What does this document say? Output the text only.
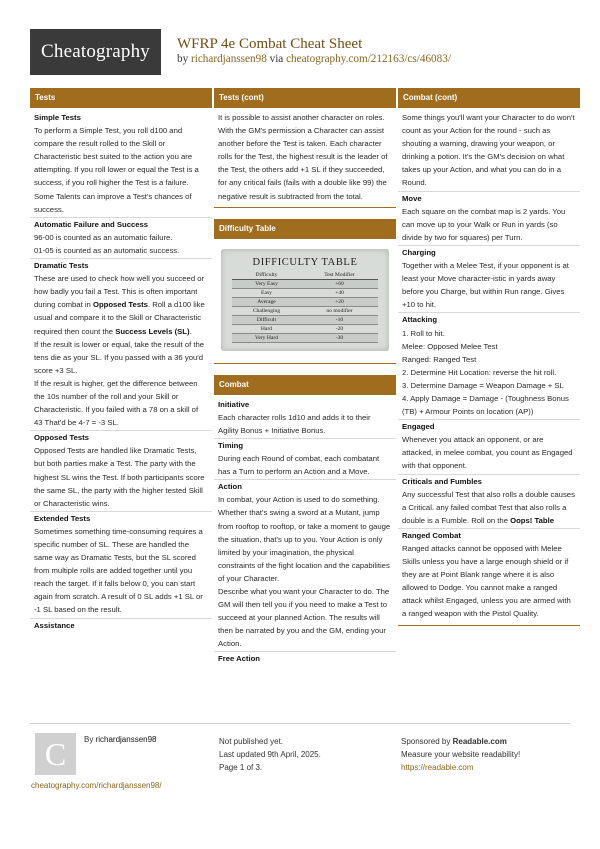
Cheatography	WFRP 4e Combat Cheat Sheet
by richardjanssen98 via cheatography.com/212163/cs/46083/
Tests

Simple Tests

To perform a Simple Test, you roll d100 and compare the result rolled to the Skill or Characteristic best suited to the action you are attempting. If you roll lower or equal the Test is a success, if you roll higher the Test is a failure.

Some Talents can improve a Test's chances of success.

Automatic Failure and Success

96-00 is counted as an automatic failure.

01-05 is counted as an automatic success.

Dramatic Tests

These are used to check how well you succeed or how badly you fail a Test. This is often important during combat in Opposed Tests. Roll a d100 like usual and compare it to the Skill or Characteristic required then count the Success Levels (SL).

If the result is lower or equal, take the result of the tens die as your SL. If you passed with a 36 you'd score +3 SL.

If the result is higher, get the difference between the 10s number of the roll and your Skill or Characteristic. If you failed with a 78 on a skill of 43 That'd be 4-7 = -3 SL.

Opposed Tests

Opposed Tests are handled like Dramatic Tests, but both parties make a Test. The party with the highest SL wins the Test. If both participants score the same SL, the party with the higher tested Skill or Characteristic wins.

Extended Tests

Sometimes something time-consuming requires a specific number of SL. These are handled the same way as Dramatic Tests, but the SL scored from multiple rolls are added together until you reach the target. If it falls below 0, you can start again from scratch. A result of 0 SL adds +1 SL or -1 SL based on the result.

Assistance

Tests (cont)

It is possible to assist another character on roles. With the GM's permission a Character can assist another before the Test is taken. Each character rolls for the Test, the highest result is the leader of the Test, the others add +1 SL if they succeeded, for any critical fails (fails with a double like 99) the negative result is subtracted from the total.

Difficulty Table
DIFFICULTY TABLE
Difficulty	Test Modifier
Very Easy	+60
Easy	+40
Average	+20
Challenging	no modifier
Difficult	-10
Hard	-20
Very Hard	-30
Combat

Initiative

Each character rolls 1d10 and adds it to their Agility Bonus + Initiative Bonus.

Timing

During each Round of combat, each combatant has a Turn to perform an Action and a Move.

Action

In combat, your Action is used to do something. Whether that's swing a sword at a Mutant, jump from rooftop to rooftop, or take a moment to gauge the situation, that's up to you. Your Action is only limited by your imagination, the physical constraints of the fight location and the capabilities of your Character.

Describe what you want your Character to do. The GM will then tell you if you need to make a Test to succeed at your planned Action. The results will then be narrated by you and the GM, ending your Action.

Free Action

Combat (cont)

Some things you'll want your Character to do won't count as your Action for the round - such as shouting a warning, drawing your weapon, or drinking a potion. It's the GM's decision on what takes up your Action, and what you can do in a Round.

Move

Each square on the combat map is 2 yards. You can move up to your Walk or Run in yards (so divide by two for squares) per Turn.

Charging

Together with a Melee Test, if your opponent is at least your Move character-istic in yards away before you Charge, but within Run range. Gives +10 to hit.

Attacking

1. Roll to hit.

Melee: Opposed Melee Test

Ranged: Ranged Test

2. Determine Hit Location: reverse the hit roll.

3. Determine Damage = Weapon Damage + SL

4. Apply Damage = Damage - (Toughness Bonus (TB) + Armour Points on location (AP))

Engaged

Whenever you attack an opponent, or are attacked, in melee combat, you count as Engaged with that opponent.

Criticals and Fumbles

Any successful Test that also rolls a double causes a Critical. any failed combat Test that also rolls a double is a Fumble. Roll on the Oops! Table

Ranged Combat

Ranged attacks cannot be opposed with Melee Skills unless you have a large enough shield or if they are at Point Blank range where it is also allowed to Dodge. You cannot make a ranged attack whilst Engaged, unless you are armed with a ranged weapon with the Pistol Quality.

C	By richardjanssen98
cheatography.com/richardjanssen98/
Not published yet.
Last updated 9th April, 2025.
Page 1 of 3.
Sponsored by Readable.com
Measure your website readability!
https://readable.com
